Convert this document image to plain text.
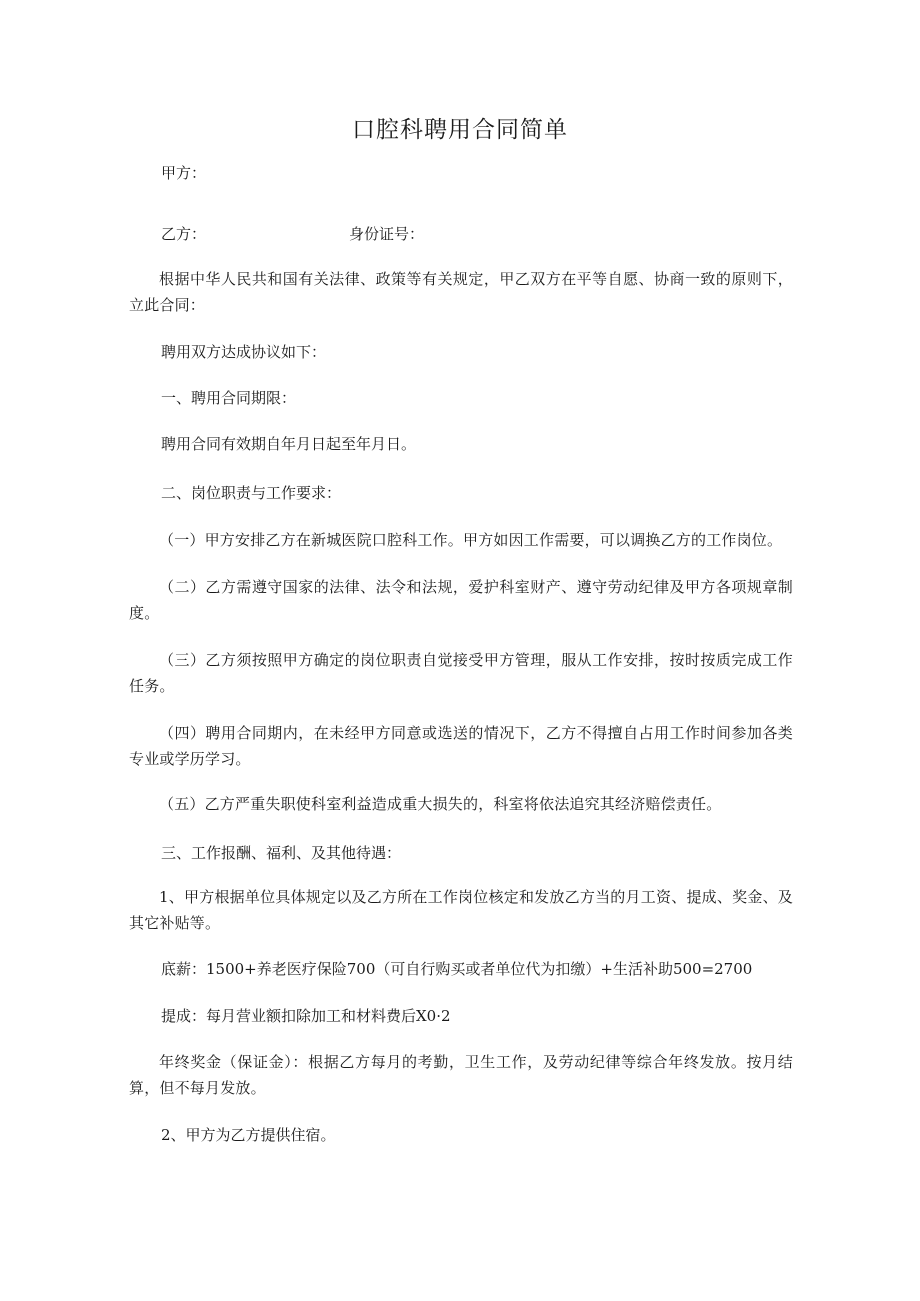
口腔科聘用合同简单
甲方：
乙方：	身份证号：
根据中华人民共和国有关法律、政策等有关规定，甲乙双方在平等自愿、协商一致的原则下，立此合同：
聘用双方达成协议如下：
一、聘用合同期限：
聘用合同有效期自年月日起至年月日。
二、岗位职责与工作要求：
（一）甲方安排乙方在新城医院口腔科工作。甲方如因工作需要，可以调换乙方的工作岗位。
（二）乙方需遵守国家的法律、法令和法规，爱护科室财产、遵守劳动纪律及甲方各项规章制度。
（三）乙方须按照甲方确定的岗位职责自觉接受甲方管理，服从工作安排，按时按质完成工作任务。
（四）聘用合同期内，在未经甲方同意或选送的情况下，乙方不得擅自占用工作时间参加各类专业或学历学习。
（五）乙方严重失职使科室利益造成重大损失的，科室将依法追究其经济赔偿责任。
三、工作报酬、福利、及其他待遇：
1、甲方根据单位具体规定以及乙方所在工作岗位核定和发放乙方当的月工资、提成、奖金、及其它补贴等。
底薪：1500+养老医疗保险700（可自行购买或者单位代为扣缴）+生活补助500=2700
提成：每月营业额扣除加工和材料费后X0·2
年终奖金（保证金）：根据乙方每月的考勤，卫生工作，及劳动纪律等综合年终发放。按月结算，但不每月发放。
2、甲方为乙方提供住宿。
